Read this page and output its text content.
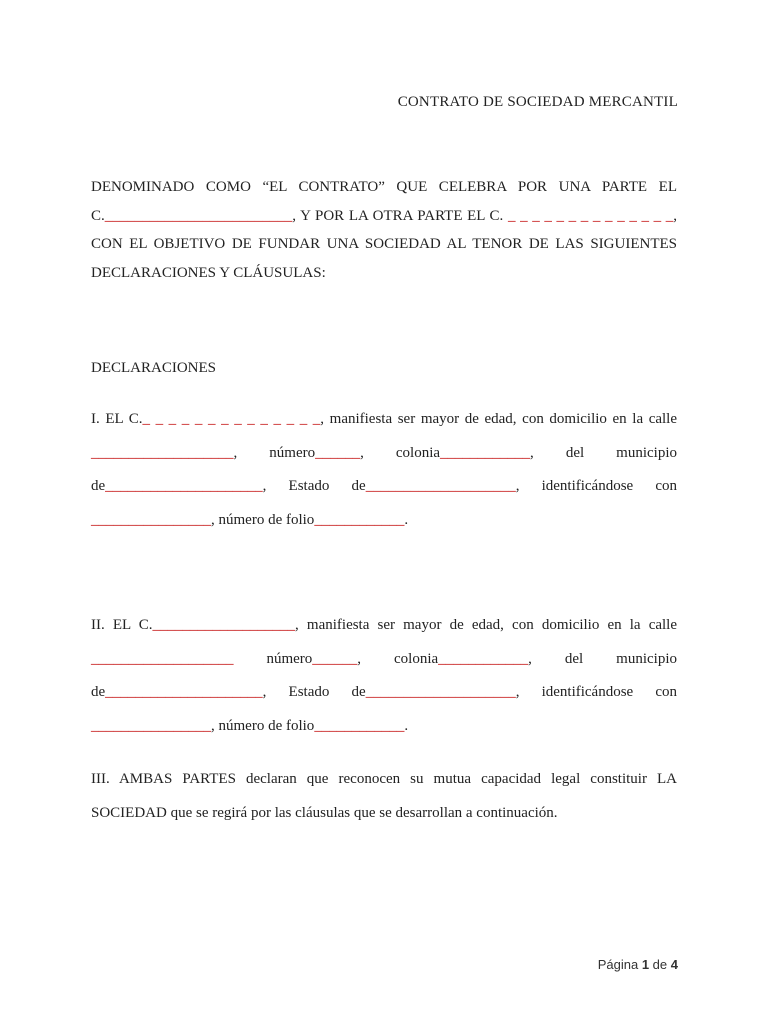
CONTRATO DE SOCIEDAD MERCANTIL
DENOMINADO COMO “EL CONTRATO” QUE CELEBRA POR UNA PARTE EL C._________________________, Y POR LA OTRA PARTE EL C. _ _ _ _ _ _ _ _ _ _ _ _ _ _, CON EL OBJETIVO DE FUNDAR UNA SOCIEDAD AL TENOR DE LAS SIGUIENTES DECLARACIONES Y CLÁUSULAS:
DECLARACIONES
I. EL C._ _ _ _ _ _ _ _ _ _ _ _ _ _, manifiesta ser mayor de edad, con domicilio en la calle ___________________, número______, colonia____________, del municipio de_____________________, Estado de____________________, identificándose con ________________, número de folio____________.
II. EL C.___________________, manifiesta ser mayor de edad, con domicilio en la calle ___________________ número______, colonia____________, del municipio de_____________________, Estado de____________________, identificándose con ________________, número de folio____________.
III. AMBAS PARTES declaran que reconocen su mutua capacidad legal constituir LA SOCIEDAD que se regirá por las cláusulas que se desarrollan a continuación.
Página 1 de 4
